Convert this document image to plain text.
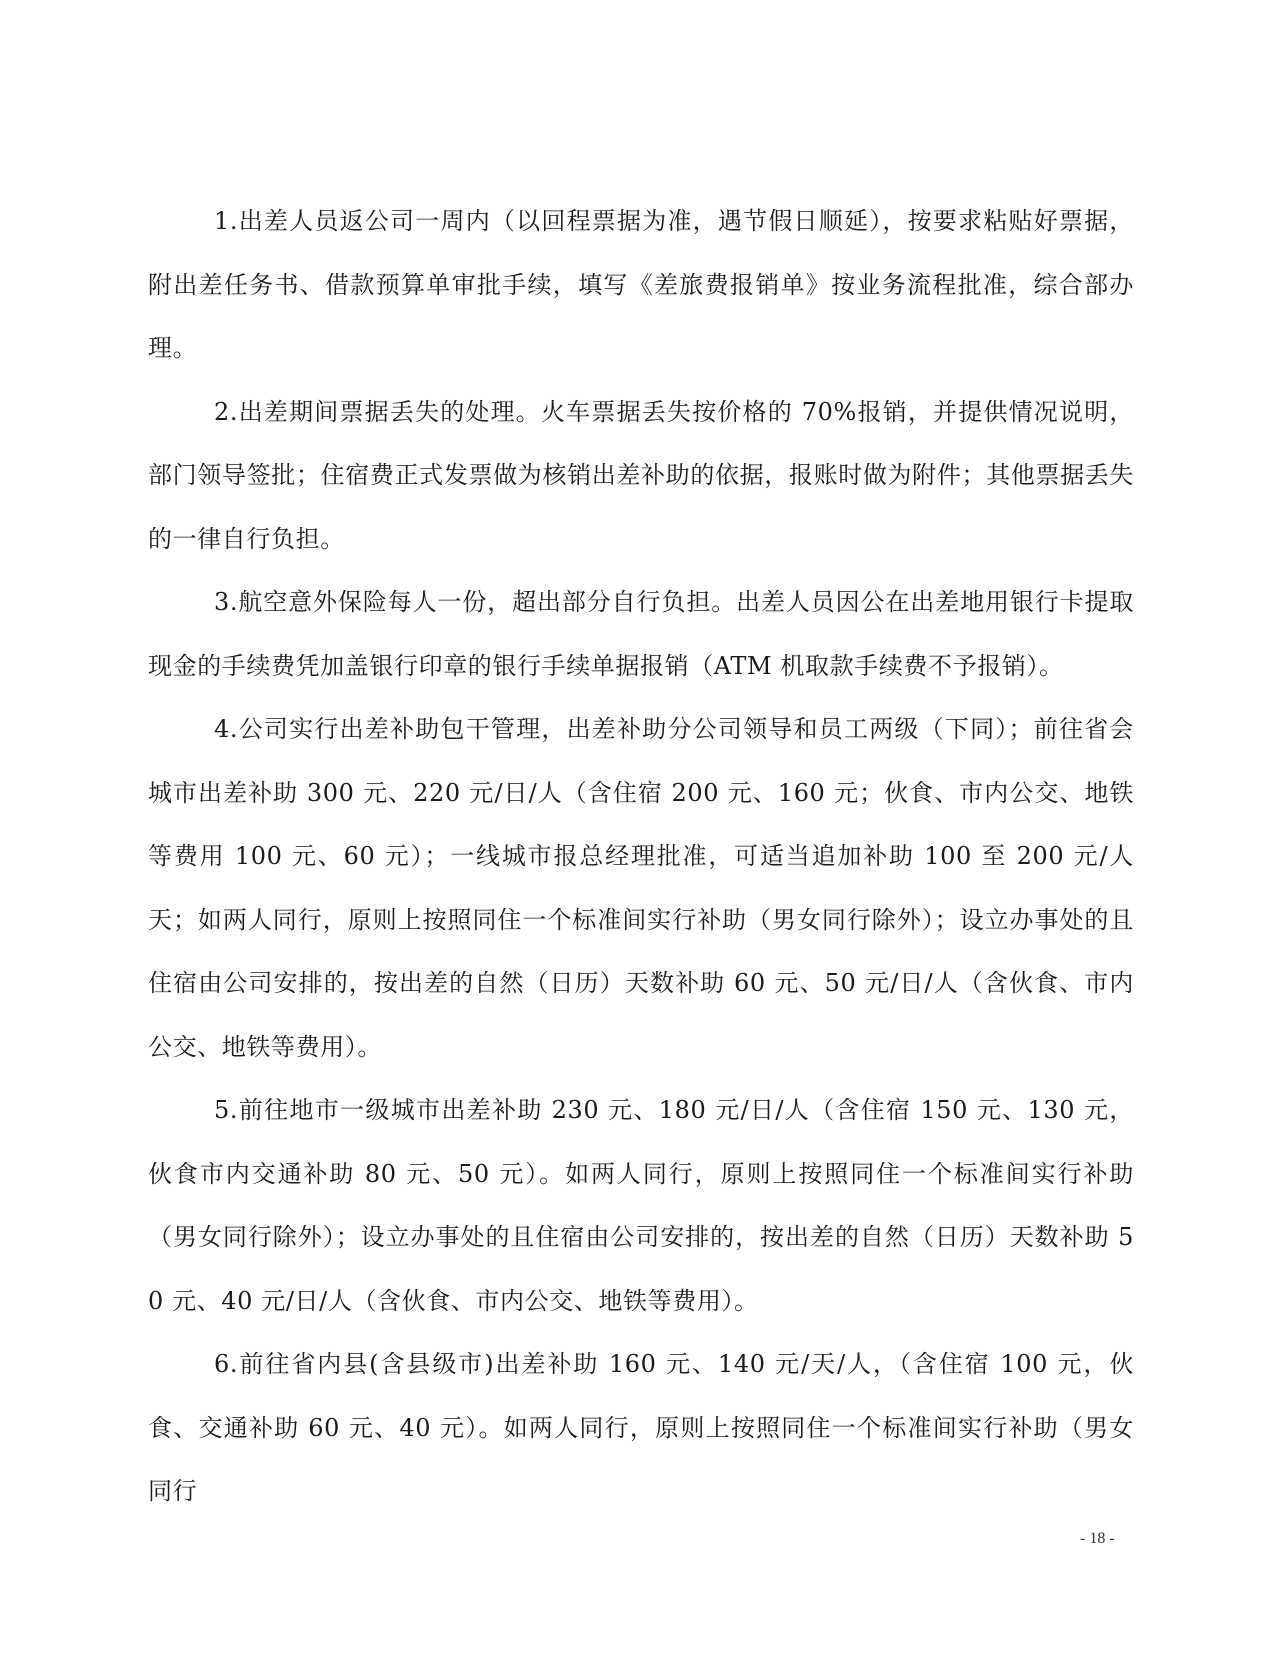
1.出差人员返公司一周内（以回程票据为准，遇节假日顺延），按要求粘贴好票据，附出差任务书、借款预算单审批手续，填写《差旅费报销单》按业务流程批准，综合部办理。

2.出差期间票据丢失的处理。火车票据丢失按价格的 70%报销，并提供情况说明，部门领导签批；住宿费正式发票做为核销出差补助的依据，报账时做为附件；其他票据丢失的一律自行负担。

3.航空意外保险每人一份，超出部分自行负担。出差人员因公在出差地用银行卡提取现金的手续费凭加盖银行印章的银行手续单据报销（ATM 机取款手续费不予报销）。

4.公司实行出差补助包干管理，出差补助分公司领导和员工两级（下同）；前往省会城市出差补助 300 元、220 元/日/人（含住宿 200 元、160 元；伙食、市内公交、地铁等费用 100 元、60 元）；一线城市报总经理批准，可适当追加补助 100 至 200 元/人天；如两人同行，原则上按照同住一个标准间实行补助（男女同行除外）；设立办事处的且住宿由公司安排的，按出差的自然（日历）天数补助 60 元、50 元/日/人（含伙食、市内公交、地铁等费用）。

5.前往地市一级城市出差补助 230 元、180 元/日/人（含住宿 150 元、130 元，伙食市内交通补助 80 元、50 元）。如两人同行，原则上按照同住一个标准间实行补助（男女同行除外）；设立办事处的且住宿由公司安排的，按出差的自然（日历）天数补助 50 元、40 元/日/人（含伙食、市内公交、地铁等费用）。

6.前往省内县(含县级市)出差补助 160 元、140 元/天/人，（含住宿 100 元，伙食、交通补助 60 元、40 元）。如两人同行，原则上按照同住一个标准间实行补助（男女同行

- 18 -
